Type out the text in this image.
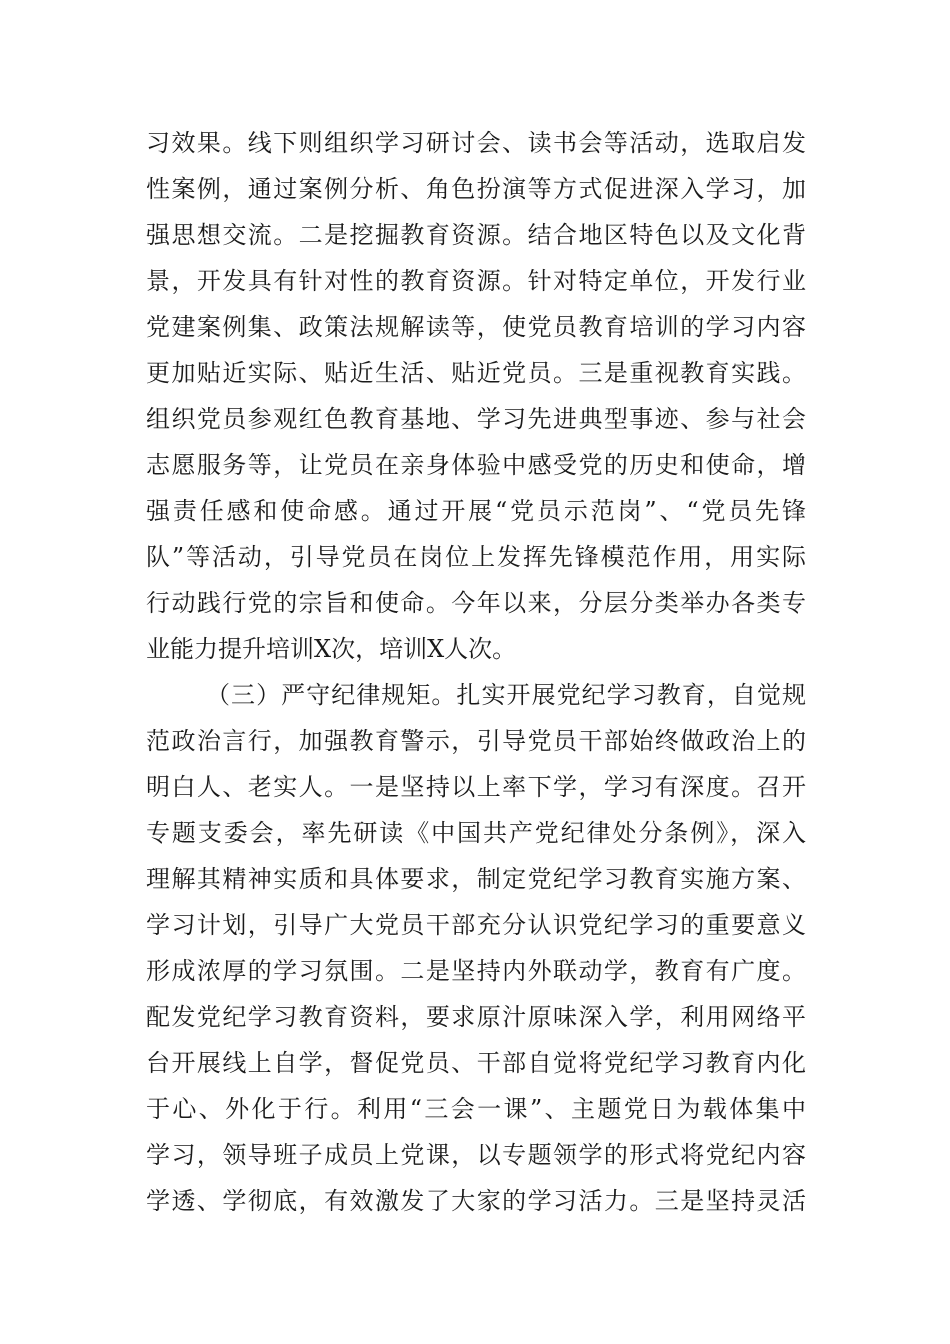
习效果。线下则组织学习研讨会、读书会等活动，选取启发
性案例，通过案例分析、角色扮演等方式促进深入学习，加
强思想交流。二是挖掘教育资源。结合地区特色以及文化背
景，开发具有针对性的教育资源。针对特定单位，开发行业
党建案例集、政策法规解读等，使党员教育培训的学习内容
更加贴近实际、贴近生活、贴近党员。三是重视教育实践。
组织党员参观红色教育基地、学习先进典型事迹、参与社会
志愿服务等，让党员在亲身体验中感受党的历史和使命，增
强责任感和使命感。通过开展“党员示范岗”、“党员先锋
队”等活动，引导党员在岗位上发挥先锋模范作用，用实际
行动践行党的宗旨和使命。今年以来，分层分类举办各类专
业能力提升培训X次，培训X人次。
（三）严守纪律规矩。扎实开展党纪学习教育，自觉规
范政治言行，加强教育警示，引导党员干部始终做政治上的
明白人、老实人。一是坚持以上率下学，学习有深度。召开
专题支委会，率先研读《中国共产党纪律处分条例》，深入
理解其精神实质和具体要求，制定党纪学习教育实施方案、
学习计划，引导广大党员干部充分认识党纪学习的重要意义
形成浓厚的学习氛围。二是坚持内外联动学，教育有广度。
配发党纪学习教育资料，要求原汁原味深入学，利用网络平
台开展线上自学，督促党员、干部自觉将党纪学习教育内化
于心、外化于行。利用“三会一课”、主题党日为载体集中
学习，领导班子成员上党课，以专题领学的形式将党纪内容
学透、学彻底，有效激发了大家的学习活力。三是坚持灵活
